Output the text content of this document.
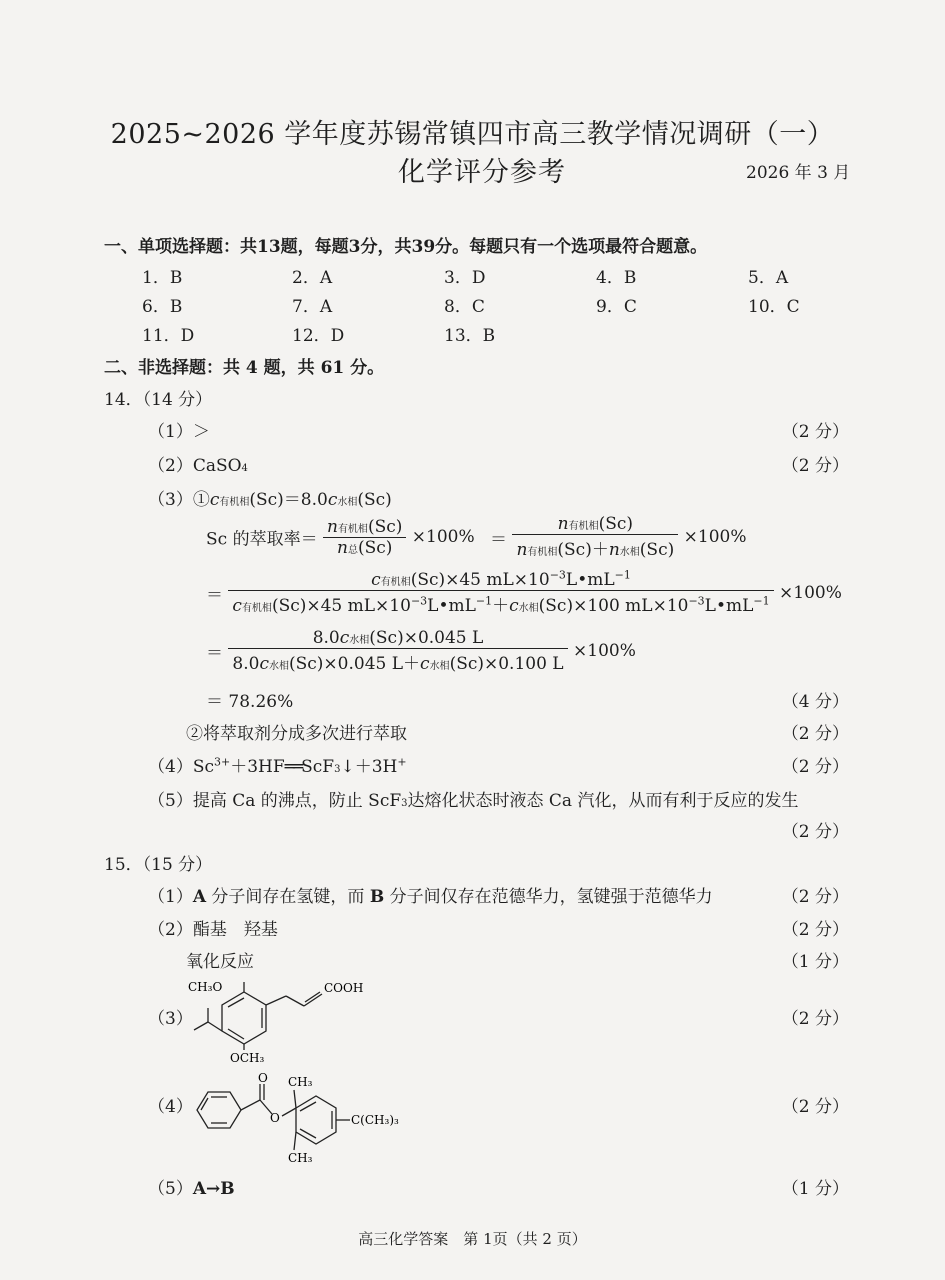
2025~2026 学年度苏锡常镇四市高三教学情况调研（一）
化学评分参考	2026 年 3 月
一、单项选择题：共13题，每题3分，共39分。每题只有一个选项最符合题意。
1．B	2．A	3．D	4．B	5．A
6．B	7．A	8．C	9．C	10．C
11．D	12．D	13．B
二、非选择题：共 4 题，共 61 分。
14．（14 分）
（1）＞	（2 分）
（2）CaSO4	（2 分）
（3）①c有机相(Sc)＝8.0c水相(Sc)
Sc 的萃取率＝ $\frac{\text{n有机相(Sc)}}{\text{n总(Sc)}} \times 100\% = \frac{\text{n有机相(Sc)}}{\text{n有机相(Sc)＋n水相(Sc)}} \times 100\%$
＝ $\frac{c有机相(Sc)\times 45 mL\times 10^{-3}L•mL^{-1}}{c有机相(Sc)\times 45 mL\times 10^{-3}L•mL^{-1}+c水相(Sc)\times 100 mL\times 10^{-3}L•mL^{-1}} \times 100\%$
＝ $\frac{\text{8.0c水相(Sc)×0.045 L}}{\text{8.0c水相(Sc)×0.045 L＋c水相(Sc)×0.100 L}} \times 100\%$
＝ 78.26%	（4 分）
②将萃取剂分成多次进行萃取	（2 分）
$(4)Sc^{3+}+3HF══ScF3↓+3H^+$	（2 分）
（5）提高 Ca 的沸点，防止 ScF3达熔化状态时液态 Ca 汽化，从而有利于反应的发生
（2 分）
15．（15 分）
（1）A 分子间存在氢键，而 B 分子间仅存在范德华力，氢键强于范德华力	（2 分）
（2）酯基　羟基	（2 分）
氧化反应	（1 分）
（3）	（2 分）
CH₃O	COOH
OCH₃
（4）	（2 分）
O
O
CH₃
CH₃
C(CH₃)₃
（5）A→B	（1 分）
高三化学答案　第 1页（共 2 页）
